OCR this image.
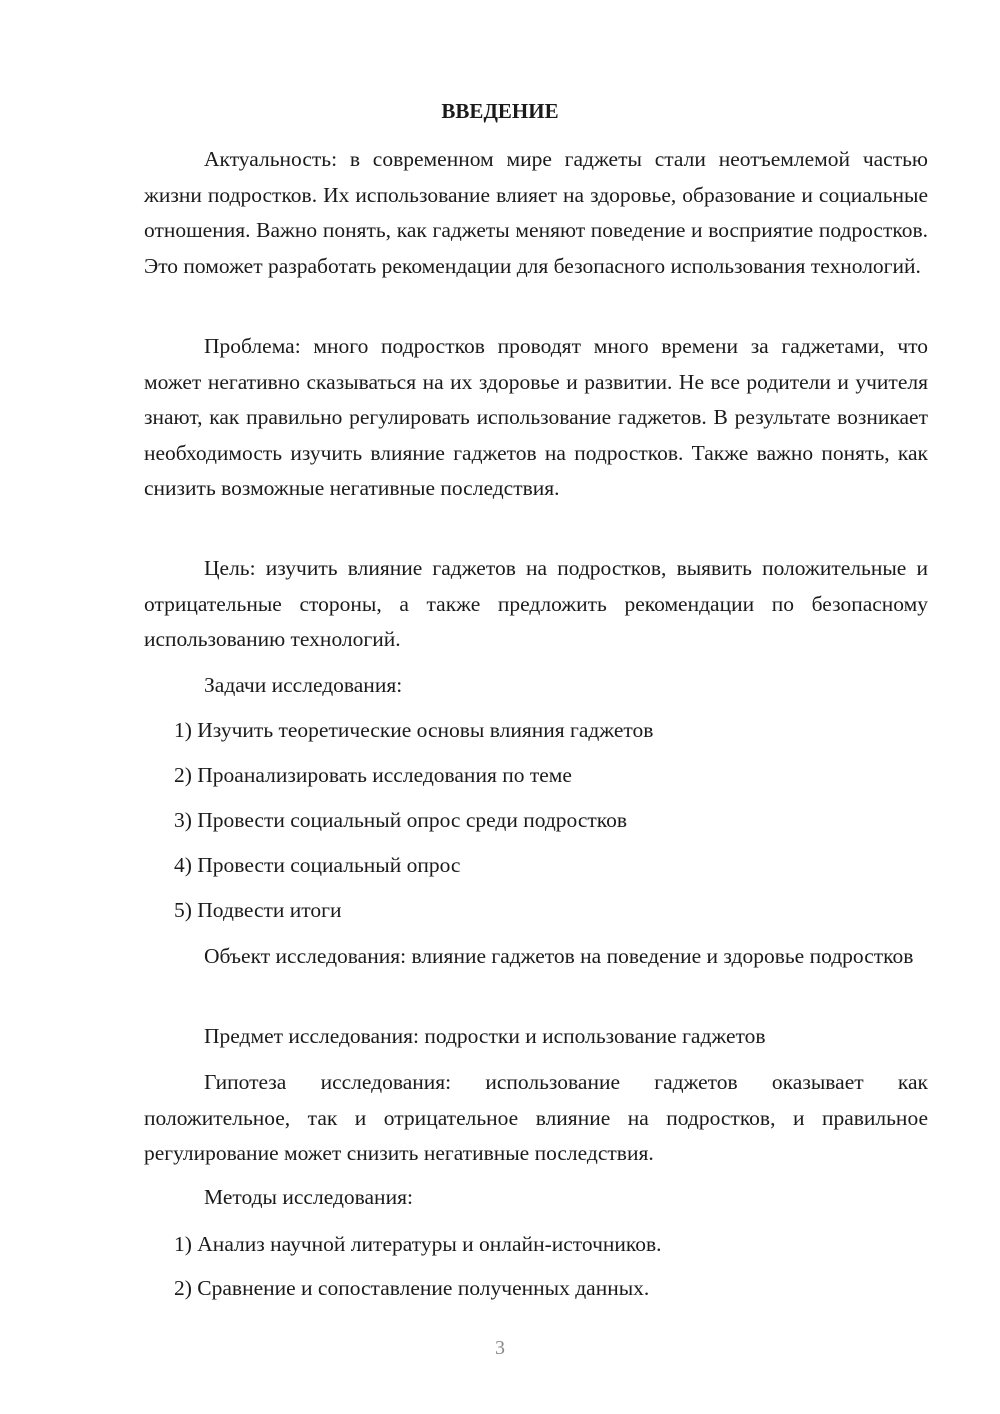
ВВЕДЕНИЕ

Актуальность: в современном мире гаджеты стали неотъемлемой частью жизни подростков. Их использование влияет на здоровье, образование и социальные отношения. Важно понять, как гаджеты меняют поведение и восприятие подростков. Это поможет разработать рекомендации для безопасного использования технологий.

Проблема: много подростков проводят много времени за гаджетами, что может негативно сказываться на их здоровье и развитии. Не все родители и учителя знают, как правильно регулировать использование гаджетов. В результате возникает необходимость изучить влияние гаджетов на подростков. Также важно понять, как снизить возможные негативные последствия.

Цель: изучить влияние гаджетов на подростков, выявить положительные и отрицательные стороны, а также предложить рекомендации по безопасному использованию технологий.

Задачи исследования:

1) Изучить теоретические основы влияния гаджетов

2) Проанализировать исследования по теме

3) Провести социальный опрос среди подростков

4) Провести социальный опрос

5) Подвести итоги

Объект исследования: влияние гаджетов на поведение и здоровье подростков

Предмет исследования: подростки и использование гаджетов

Гипотеза исследования: использование гаджетов оказывает как положительное, так и отрицательное влияние на подростков, и правильное регулирование может снизить негативные последствия.

Методы исследования:

1) Анализ научной литературы и онлайн-источников.

2) Сравнение и сопоставление полученных данных.

3
